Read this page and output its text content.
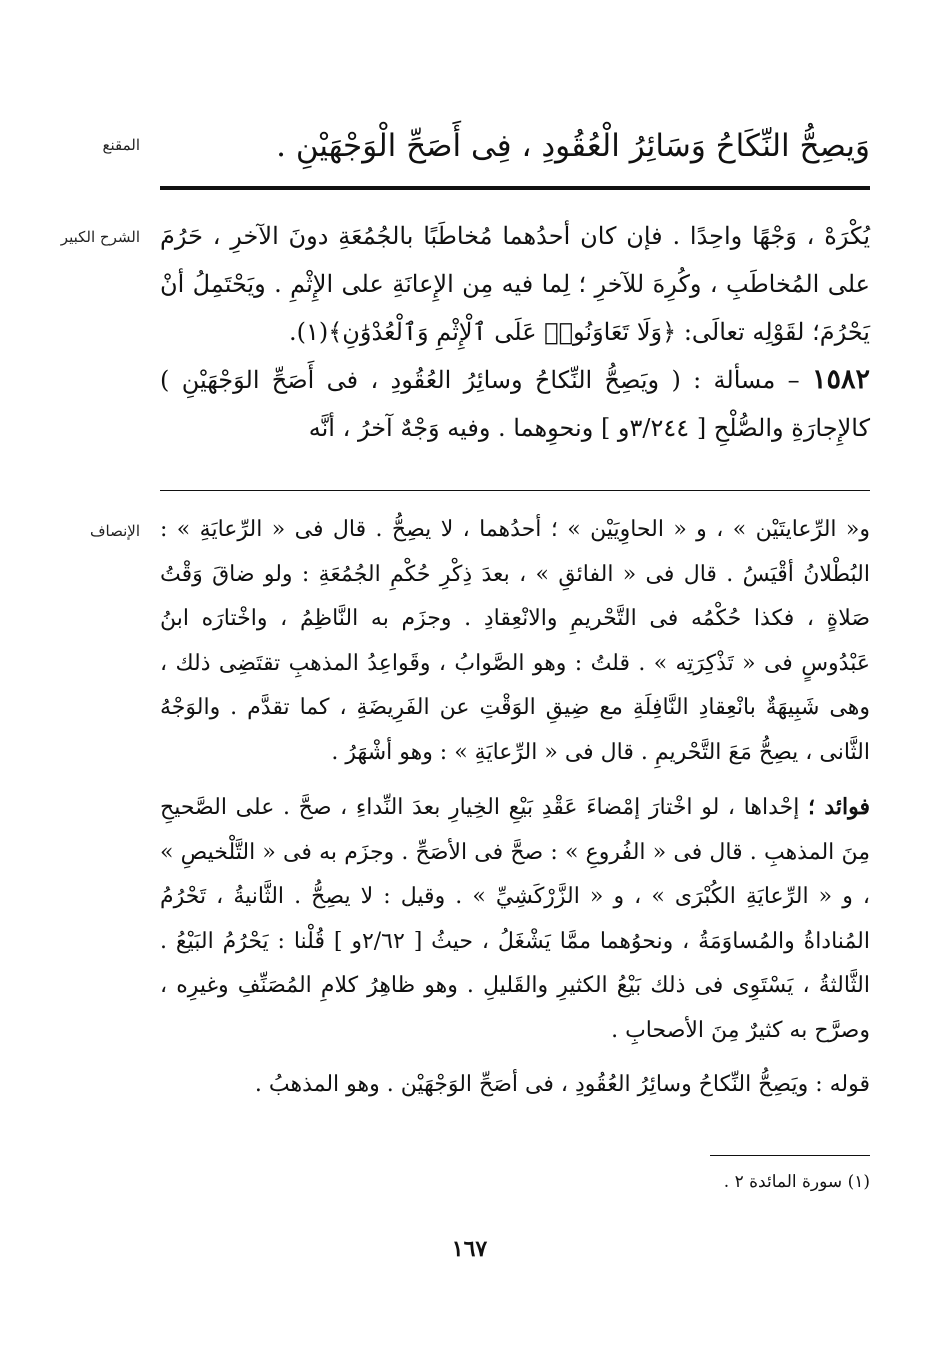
المقنع	وَيصِحُّ النِّكَاحُ وَسَائِرُ الْعُقُودِ ، فِى أَصَحِّ الْوَجْهَيْنِ .
الشرح الكبير يُكْرَهْ ، وَجْهًا واحِدًا . فإن كان أحدُهما مُخاطَبًا بالجُمُعَةِ دونَ الآخرِ ، حَرُمَ على المُخاطَبِ ، وكُرِهَ للآخرِ ؛ لِما فيه مِن الإِعانَةِ على الإِثْمِ . ويَحْتَمِلُ أنْ يَحْرُمَ؛ لقَوْلِه تعالَى: ﴿وَلَا تَعَاوَنُوا۟ عَلَى ٱلْإِثْمِ وَٱلْعُدْوَٰنِ﴾(١).

١٥٨٢ – مسألة : ( ويَصِحُّ النِّكاحُ وسائِرُ العُقُودِ ، فى أَصَحِّ الوَجْهَيْنِ ) كالإِجارَةِ والصُّلْحِ [ ٣/٢٤٤و ] ونحوِهما . وفيه وَجْهٌ آخرُ ، أنَّه

الإنصاف و« الرِّعايتَيْن » ، و « الحاوِيَيْن » ؛ أحدُهما ، لا يصِحُّ . قال فى « الرِّعايَةِ » : البُطْلانُ أقْيَسُ . قال فى « الفائقِ » ، بعدَ ذِكْرِ حُكْمِ الجُمُعَةِ : ولو ضاقَ وَقْتُ صَلاةٍ ، فكذا حُكْمُه فى التَّحْريمِ والانْعِقادِ . وجزَم به النَّاظِمُ ، واخْتارَه ابنُ عَبْدُوسٍ فى « تَذْكِرَتِه » . قلتُ : وهو الصَّوابُ ، وقَواعِدُ المذهبِ تقتَضِى ذلك ، وهى شَبِيهَةٌ بانْعِقادِ النَّافِلَةِ مع ضِيقِ الوَقْتِ عن الفَرِيضَةِ ، كما تقدَّم . والوَجْهُ الثَّانى ، يصِحُّ مَعَ التَّحْريمِ . قال فى « الرِّعايَةِ » : وهو أشْهَرُ .

فوائد ؛ إحْداها ، لو اخْتارَ إمْضاءَ عَقْدِ بَيْعِ الخِيارِ بعدَ النِّداءِ ، صحَّ . على الصَّحيحِ مِنَ المذهبِ . قال فى « الفُروعِ » : صحَّ فى الأصَحِّ . وجزَم به فى « التَّلْخيصِ » ، و « الرِّعايَةِ الكُبْرَى » ، و « الزَّرْكَشِيِّ » . وقيل : لا يصِحُّ . الثَّانيةُ ، تَحْرُمُ المُناداةُ والمُساوَمَةُ ، ونحوُهما ممَّا يَشْغَلُ ، حيثُ [ ٢/٦٢و ] قُلْنا : يَحْرُمُ البَيْعُ . الثَّالثةُ ، يَسْتَوِى فى ذلك بَيْعُ الكثيرِ والقَليلِ . وهو ظاهِرُ كلامِ المُصَنِّفِ وغيرِه ، وصرَّح به كثيرٌ مِنَ الأصحابِ .

قوله : ويَصِحُّ النِّكاحُ وسائِرُ العُقُودِ ، فى أصَحِّ الوَجْهَيْن . وهو المذهبُ .

(١) سورة المائدة ٢ .
١٦٧
